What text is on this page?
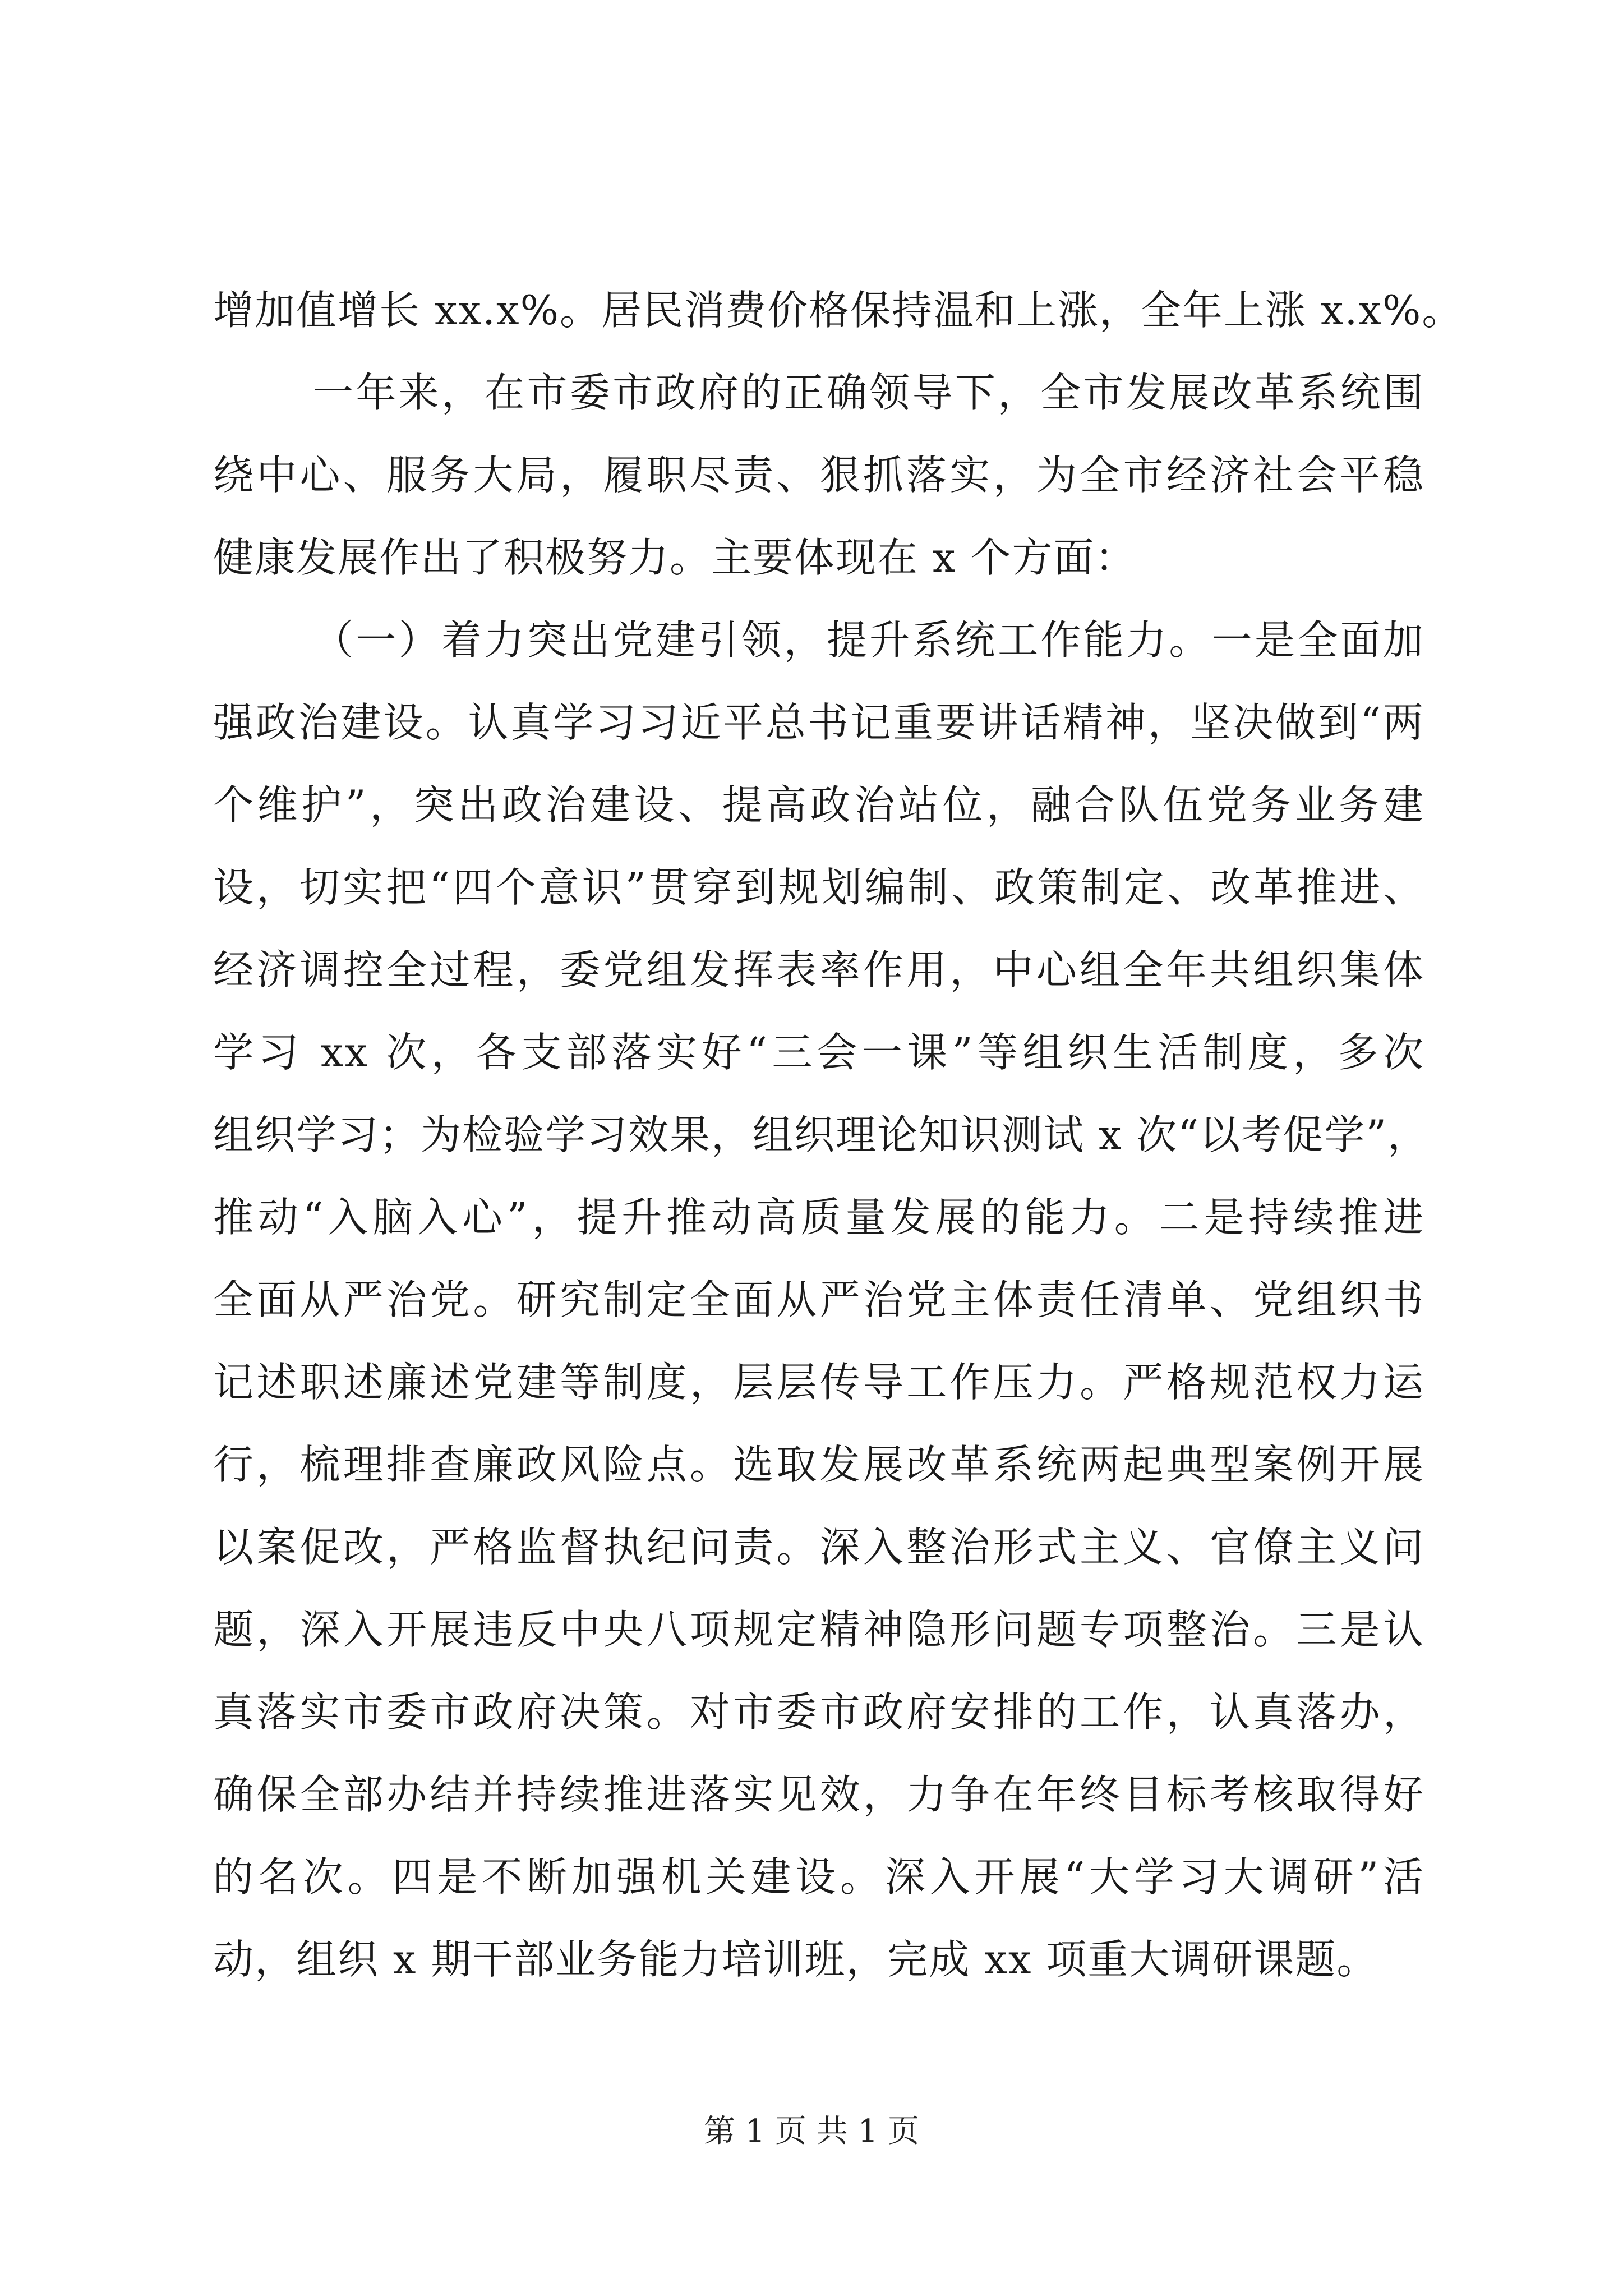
增加值增长 xx.x%。居民消费价格保持温和上涨，全年上涨 x.x%。
一年来，在市委市政府的正确领导下，全市发展改革系统围
绕中心、服务大局，履职尽责、狠抓落实，为全市经济社会平稳
健康发展作出了积极努力。主要体现在 x 个方面：
（一）着力突出党建引领，提升系统工作能力。一是全面加
强政治建设。认真学习习近平总书记重要讲话精神，坚决做到“两
个维护”，突出政治建设、提高政治站位，融合队伍党务业务建
设，切实把“四个意识”贯穿到规划编制、政策制定、改革推进、
经济调控全过程，委党组发挥表率作用，中心组全年共组织集体
学习 xx 次，各支部落实好“三会一课”等组织生活制度，多次
组织学习；为检验学习效果，组织理论知识测试 x 次“以考促学”，
推动“入脑入心”，提升推动高质量发展的能力。二是持续推进
全面从严治党。研究制定全面从严治党主体责任清单、党组织书
记述职述廉述党建等制度，层层传导工作压力。严格规范权力运
行，梳理排查廉政风险点。选取发展改革系统两起典型案例开展
以案促改，严格监督执纪问责。深入整治形式主义、官僚主义问
题，深入开展违反中央八项规定精神隐形问题专项整治。三是认
真落实市委市政府决策。对市委市政府安排的工作，认真落办，
确保全部办结并持续推进落实见效，力争在年终目标考核取得好
的名次。四是不断加强机关建设。深入开展“大学习大调研”活
动，组织 x 期干部业务能力培训班，完成 xx 项重大调研课题。
第 1 页 共 1 页
